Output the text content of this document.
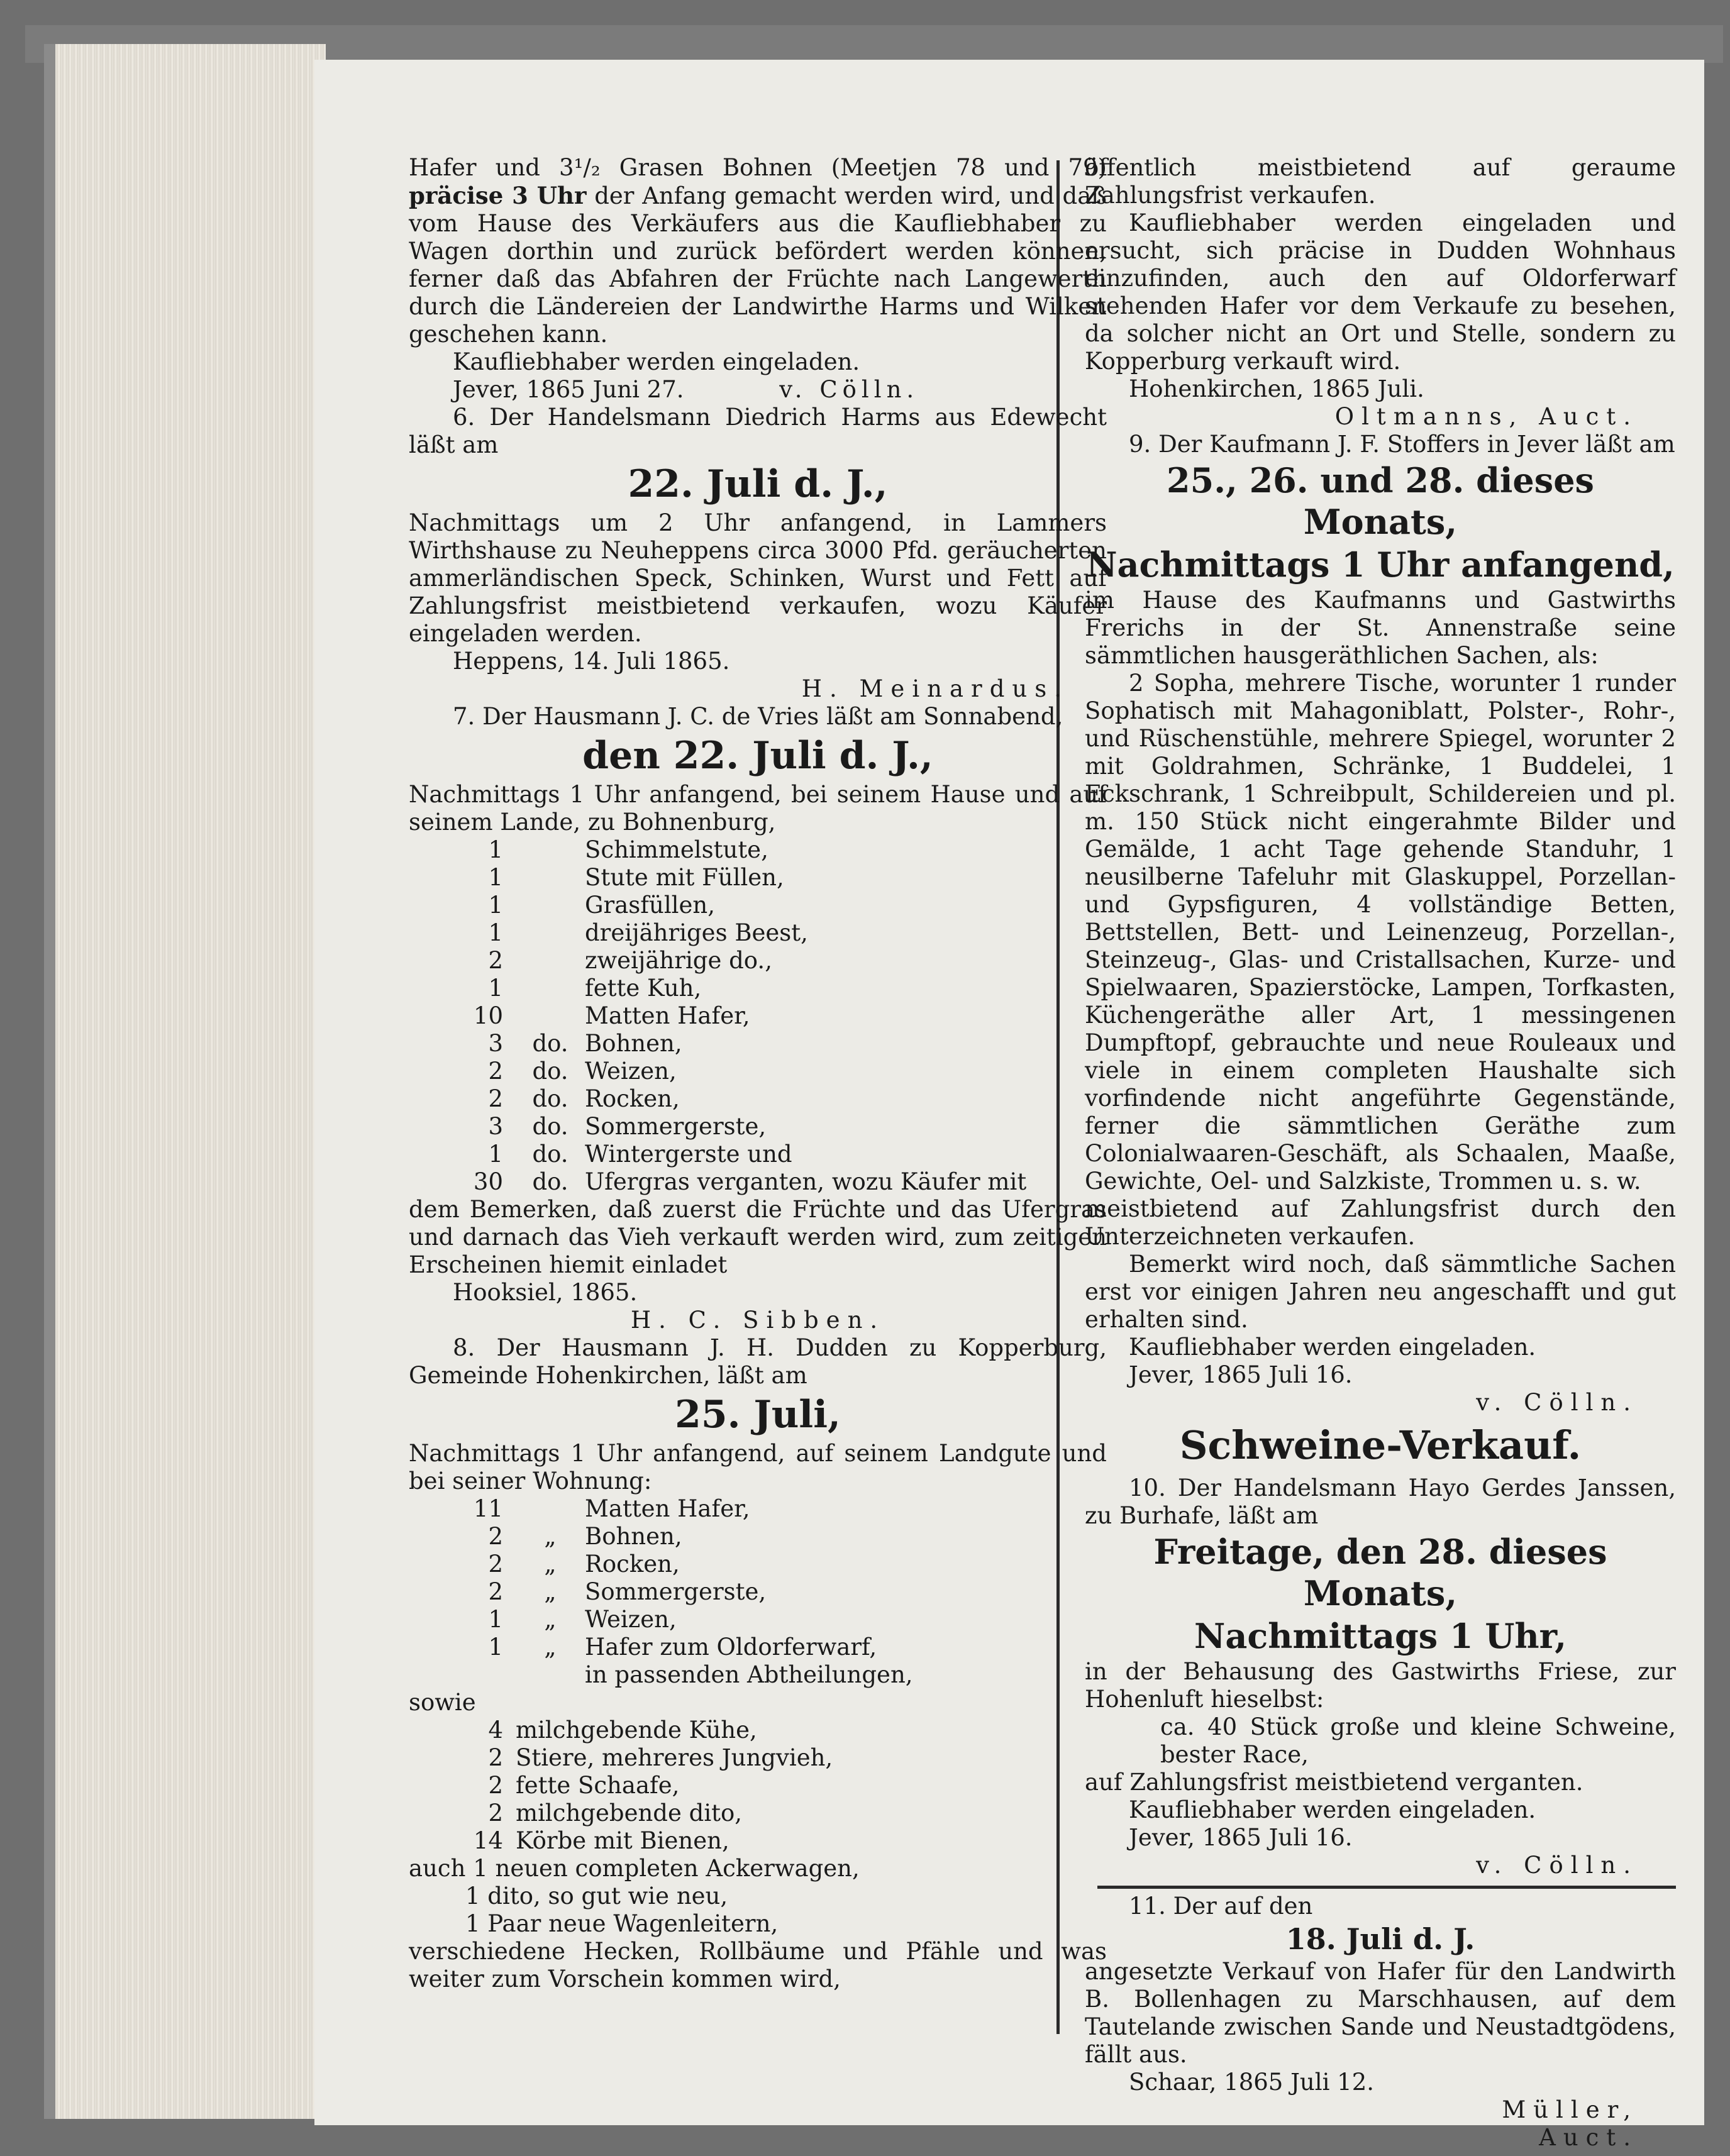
Hafer und 3¹/₂ Grasen Bohnen (Meetjen 78 und 79) präcise 3 Uhr der Anfang gemacht werden wird, und daß vom Hause des Verkäufers aus die Kaufliebhaber zu Wagen dorthin und zurück befördert werden können, ferner daß das Abfahren der Früchte nach Langewerth durch die Ländereien der Landwirthe Harms und Wilken geschehen kann.

Kaufliebhaber werden eingeladen.

Jever, 1865 Juni 27.	v. Cölln.

6. Der Handelsmann Diedrich Harms aus Edewecht läßt am

22. Juli d. J.,

Nachmittags um 2 Uhr anfangend, in Lammers Wirthshause zu Neuheppens circa 3000 Pfd. geräucherten ammerländischen Speck, Schinken, Wurst und Fett auf Zahlungsfrist meistbietend verkaufen, wozu Käufer eingeladen werden.

Heppens, 14. Juli 1865.

H. Meinardus.

7. Der Hausmann J. C. de Vries läßt am Sonnabend,

den 22. Juli d. J.,

Nachmittags 1 Uhr anfangend, bei seinem Hause und auf seinem Lande, zu Bohnenburg,

1	Schimmelstute,
1	Stute mit Füllen,
1	Grasfüllen,
1	dreijähriges Beest,
2	zweijährige do.,
1	fette Kuh,
10	Matten Hafer,
3	do. Bohnen,
2	do. Weizen,
2	do. Rocken,
3	do. Sommergerste,
1	do. Wintergerste und
30	do. Ufergras verganten, wozu Käufer mit

dem Bemerken, daß zuerst die Früchte und das Ufergras und darnach das Vieh verkauft werden wird, zum zeitigen Erscheinen hiemit einladet

Hooksiel, 1865.

H. C. Sibben.

8. Der Hausmann J. H. Dudden zu Kopperburg, Gemeinde Hohenkirchen, läßt am

25. Juli,

Nachmittags 1 Uhr anfangend, auf seinem Landgute und bei seiner Wohnung:

11	Matten Hafer,
2	„	Bohnen,
2	„	Rocken,
2	„	Sommergerste,
1	„	Weizen,
1	„	Hafer zum Oldorferwarf,
in passenden Abtheilungen,

sowie

4 milchgebende Kühe,
2 Stiere, mehreres Jungvieh,
2 fette Schaafe,
2 milchgebende dito,
14 Körbe mit Bienen,

auch 1 neuen completen Ackerwagen,

1 dito, so gut wie neu,

1 Paar neue Wagenleitern,

verschiedene Hecken, Rollbäume und Pfähle und was weiter zum Vorschein kommen wird,

öffentlich meistbietend auf geraume Zahlungsfrist verkaufen.

Kaufliebhaber werden eingeladen und ersucht, sich präcise in Dudden Wohnhaus einzufinden, auch den auf Oldorferwarf stehenden Hafer vor dem Verkaufe zu besehen, da solcher nicht an Ort und Stelle, sondern zu Kopperburg verkauft wird.

Hohenkirchen, 1865 Juli.

Oltmanns, Auct.

9. Der Kaufmann J. F. Stoffers in Jever läßt am

25., 26. und 28. dieses Monats,

Nachmittags 1 Uhr anfangend,

im Hause des Kaufmanns und Gastwirths Frerichs in der St. Annenstraße seine sämmtlichen hausgeräthlichen Sachen, als:

2 Sopha, mehrere Tische, worunter 1 runder Sophatisch mit Mahagoniblatt, Polster-, Rohr-, und Rüschenstühle, mehrere Spiegel, worunter 2 mit Goldrahmen, Schränke, 1 Buddelei, 1 Eckschrank, 1 Schreibpult, Schildereien und pl. m. 150 Stück nicht eingerahmte Bilder und Gemälde, 1 acht Tage gehende Standuhr, 1 neusilberne Tafeluhr mit Glaskuppel, Porzellan- und Gypsfiguren, 4 vollständige Betten, Bettstellen, Bett- und Leinenzeug, Porzellan-, Steinzeug-, Glas- und Cristallsachen, Kurze- und Spielwaaren, Spazierstöcke, Lampen, Torfkasten, Küchengeräthe aller Art, 1 messingenen Dumpftopf, gebrauchte und neue Rouleaux und viele in einem completen Haushalte sich vorfindende nicht angeführte Gegenstände, ferner die sämmtlichen Geräthe zum Colonialwaaren-Geschäft, als Schaalen, Maaße, Gewichte, Oel- und Salzkiste, Trommen u. s. w.

meistbietend auf Zahlungsfrist durch den Unterzeichneten verkaufen.

Bemerkt wird noch, daß sämmtliche Sachen erst vor einigen Jahren neu angeschafft und gut erhalten sind.

Kaufliebhaber werden eingeladen.

Jever, 1865 Juli 16.

v. Cölln.

Schweine-Verkauf.

10. Der Handelsmann Hayo Gerdes Janssen, zu Burhafe, läßt am

Freitage, den 28. dieses Monats,

Nachmittags 1 Uhr,

in der Behausung des Gastwirths Friese, zur Hohenluft hieselbst:

ca. 40 Stück große und kleine Schweine, bester Race,

auf Zahlungsfrist meistbietend verganten.

Kaufliebhaber werden eingeladen.

Jever, 1865 Juli 16.

v. Cölln.

11. Der auf den

18. Juli d. J.

angesetzte Verkauf von Hafer für den Landwirth B. Bollenhagen zu Marschhausen, auf dem Tautelande zwischen Sande und Neustadtgödens, fällt aus.

Schaar, 1865 Juli 12.

Müller,

Auct.
